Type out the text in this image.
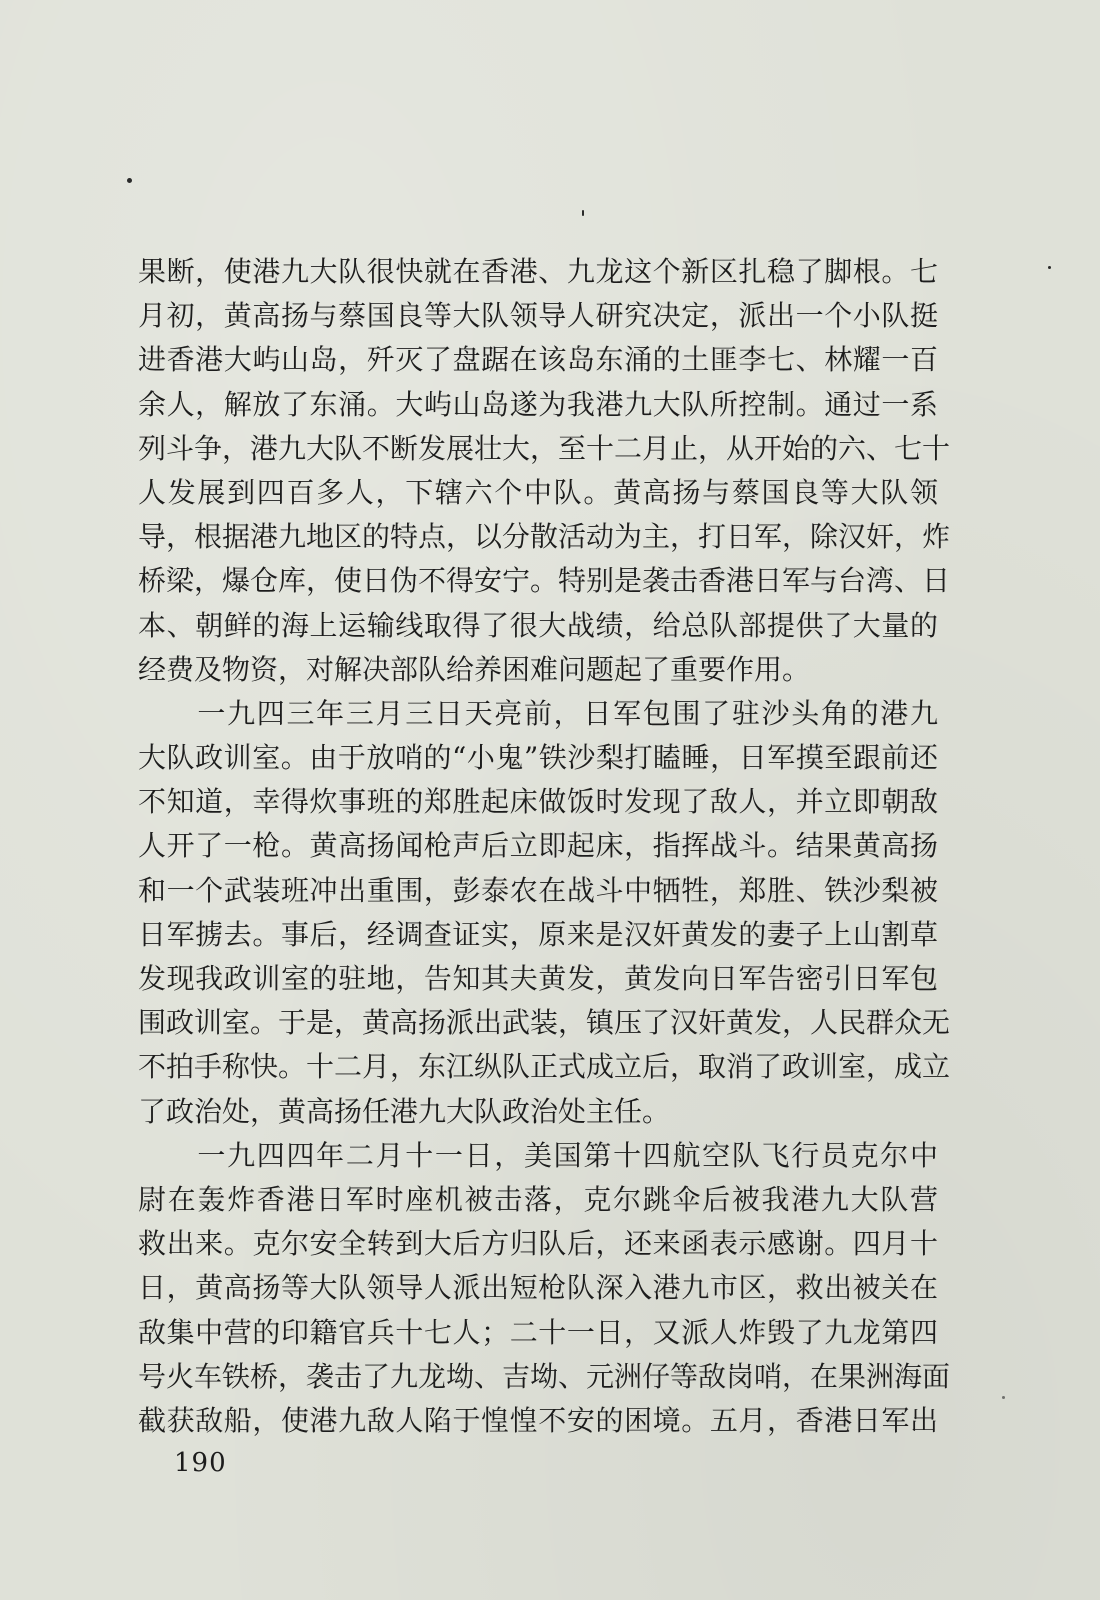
果断，使港九大队很快就在香港、九龙这个新区扎稳了脚根。七
月初，黄高扬与蔡国良等大队领导人研究决定，派出一个小队挺
进香港大屿山岛，歼灭了盘踞在该岛东涌的土匪李七、林耀一百
余人，解放了东涌。大屿山岛遂为我港九大队所控制。通过一系
列斗争，港九大队不断发展壮大，至十二月止，从开始的六、七十
人发展到四百多人，下辖六个中队。黄高扬与蔡国良等大队领
导，根据港九地区的特点，以分散活动为主，打日军，除汉奸，炸
桥梁，爆仓库，使日伪不得安宁。特别是袭击香港日军与台湾、日
本、朝鲜的海上运输线取得了很大战绩，给总队部提供了大量的
经费及物资，对解决部队给养困难问题起了重要作用。
　　一九四三年三月三日天亮前，日军包围了驻沙头角的港九
大队政训室。由于放哨的“小鬼”铁沙梨打瞌睡，日军摸至跟前还
不知道，幸得炊事班的郑胜起床做饭时发现了敌人，并立即朝敌
人开了一枪。黄高扬闻枪声后立即起床，指挥战斗。结果黄高扬
和一个武装班冲出重围，彭泰农在战斗中牺牲，郑胜、铁沙梨被
日军掳去。事后，经调查证实，原来是汉奸黄发的妻子上山割草
发现我政训室的驻地，告知其夫黄发，黄发向日军告密引日军包
围政训室。于是，黄高扬派出武装，镇压了汉奸黄发，人民群众无
不拍手称快。十二月，东江纵队正式成立后，取消了政训室，成立
了政治处，黄高扬任港九大队政治处主任。
　　一九四四年二月十一日，美国第十四航空队飞行员克尔中
尉在轰炸香港日军时座机被击落，克尔跳伞后被我港九大队营
救出来。克尔安全转到大后方归队后，还来函表示感谢。四月十
日，黄高扬等大队领导人派出短枪队深入港九市区，救出被关在
敌集中营的印籍官兵十七人；二十一日，又派人炸毁了九龙第四
号火车铁桥，袭击了九龙坳、吉坳、元洲仔等敌岗哨，在果洲海面
截获敌船，使港九敌人陷于惶惶不安的困境。五月，香港日军出
190
